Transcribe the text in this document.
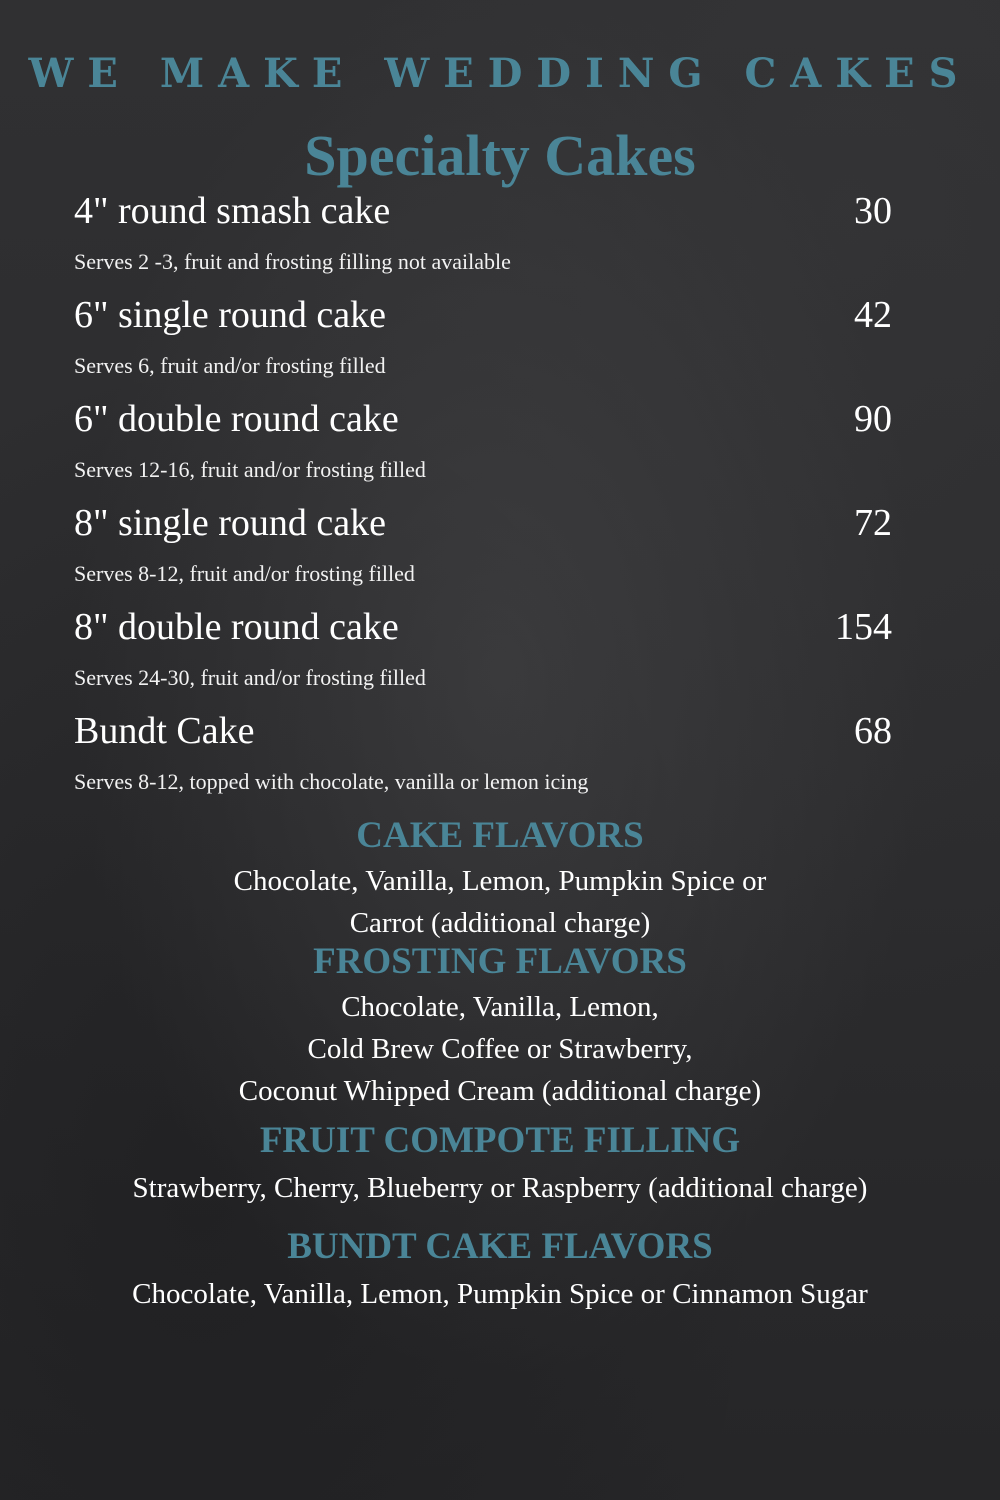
WE MAKE WEDDING CAKES
Specialty Cakes
4" round smash cake	30
Serves 2 -3, fruit and frosting filling not available
6" single round cake	42
Serves 6, fruit and/or frosting filled
6" double round cake	90
Serves 12-16, fruit and/or frosting filled
8" single round cake	72
Serves 8-12, fruit and/or frosting filled
8" double round cake	154
Serves 24-30, fruit and/or frosting filled
Bundt Cake	68
Serves 8-12, topped with chocolate, vanilla or lemon icing
CAKE FLAVORS
Chocolate, Vanilla, Lemon, Pumpkin Spice or
Carrot (additional charge)
FROSTING FLAVORS
Chocolate, Vanilla, Lemon,
Cold Brew Coffee or Strawberry,
Coconut Whipped Cream (additional charge)
FRUIT COMPOTE FILLING
Strawberry, Cherry, Blueberry or Raspberry (additional charge)
BUNDT CAKE FLAVORS
Chocolate, Vanilla, Lemon, Pumpkin Spice or Cinnamon Sugar
